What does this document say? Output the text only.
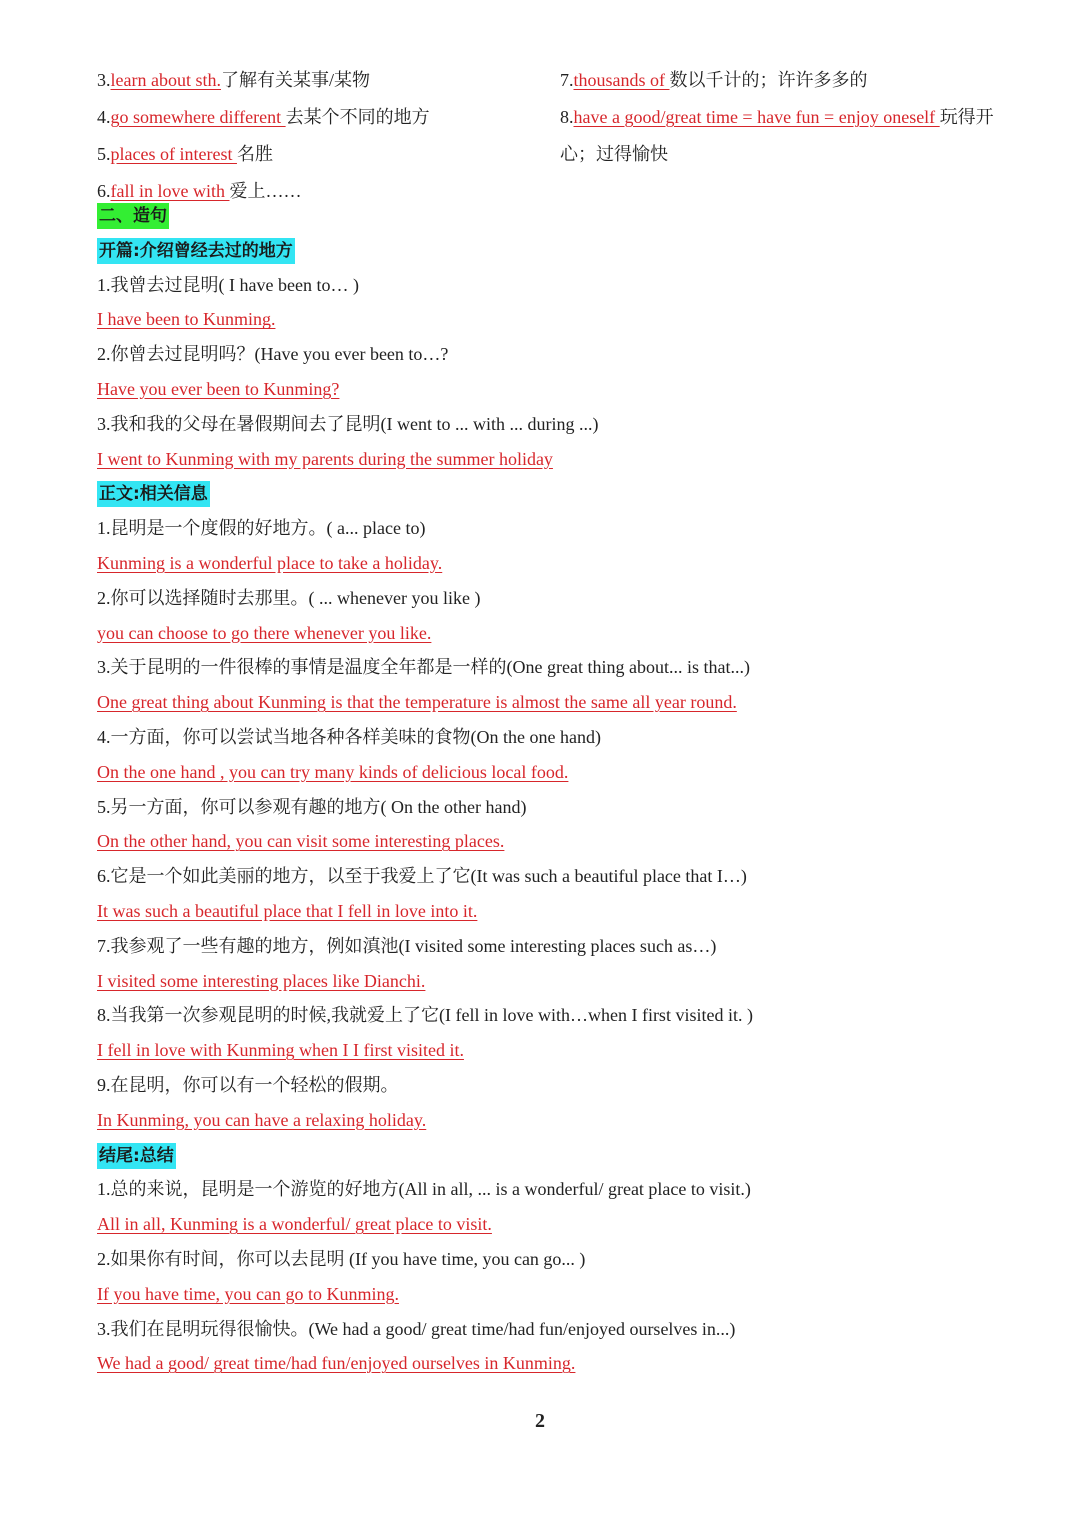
3.learn about sth.了解有关某事/某物
4.go somewhere different 去某个不同的地方
5.places of interest 名胜
6.fall in love with 爱上……
7.thousands of 数以千计的；许许多多的
8.have a good/great time = have fun = enjoy oneself 玩得开心；过得愉快
二、造句
开篇:介绍曾经去过的地方
1.我曾去过昆明( I have been to… )
I have been to Kunming.
2.你曾去过昆明吗？(Have you ever been to…?
Have you ever been to Kunming?
3.我和我的父母在暑假期间去了昆明(I went to ... with ... during ...)
I went to Kunming with my parents during the summer holiday
正文:相关信息
1.昆明是一个度假的好地方。( a... place to)
Kunming is a wonderful place to take a holiday.
2.你可以选择随时去那里。( ... whenever you like )
you can choose to go there whenever you like.
3.关于昆明的一件很棒的事情是温度全年都是一样的(One great thing about... is that...)
One great thing about Kunming is that the temperature is almost the same all year round.
4.一方面，你可以尝试当地各种各样美味的食物(On the one hand)
On the one hand , you can try many kinds of delicious local food.
5.另一方面，你可以参观有趣的地方( On the other hand)
On the other hand, you can visit some interesting places.
6.它是一个如此美丽的地方，以至于我爱上了它(It was such a beautiful place that I…)
It was such a beautiful place that I fell in love into it.
7.我参观了一些有趣的地方，例如滇池(I visited some interesting places such as…)
I visited some interesting places like Dianchi.
8.当我第一次参观昆明的时候,我就爱上了它(I fell in love with…when I first visited it. )
I fell in love with Kunming when I I first visited it.
9.在昆明，你可以有一个轻松的假期。
In Kunming, you can have a relaxing holiday.
结尾:总结
1.总的来说，昆明是一个游览的好地方(All in all, ... is a wonderful/ great place to visit.)
All in all, Kunming is a wonderful/ great place to visit.
2.如果你有时间，你可以去昆明 (If you have time, you can go... )
If you have time, you can go to Kunming.
3.我们在昆明玩得很愉快。(We had a good/ great time/had fun/enjoyed ourselves in...)
We had a good/ great time/had fun/enjoyed ourselves in Kunming.
2
